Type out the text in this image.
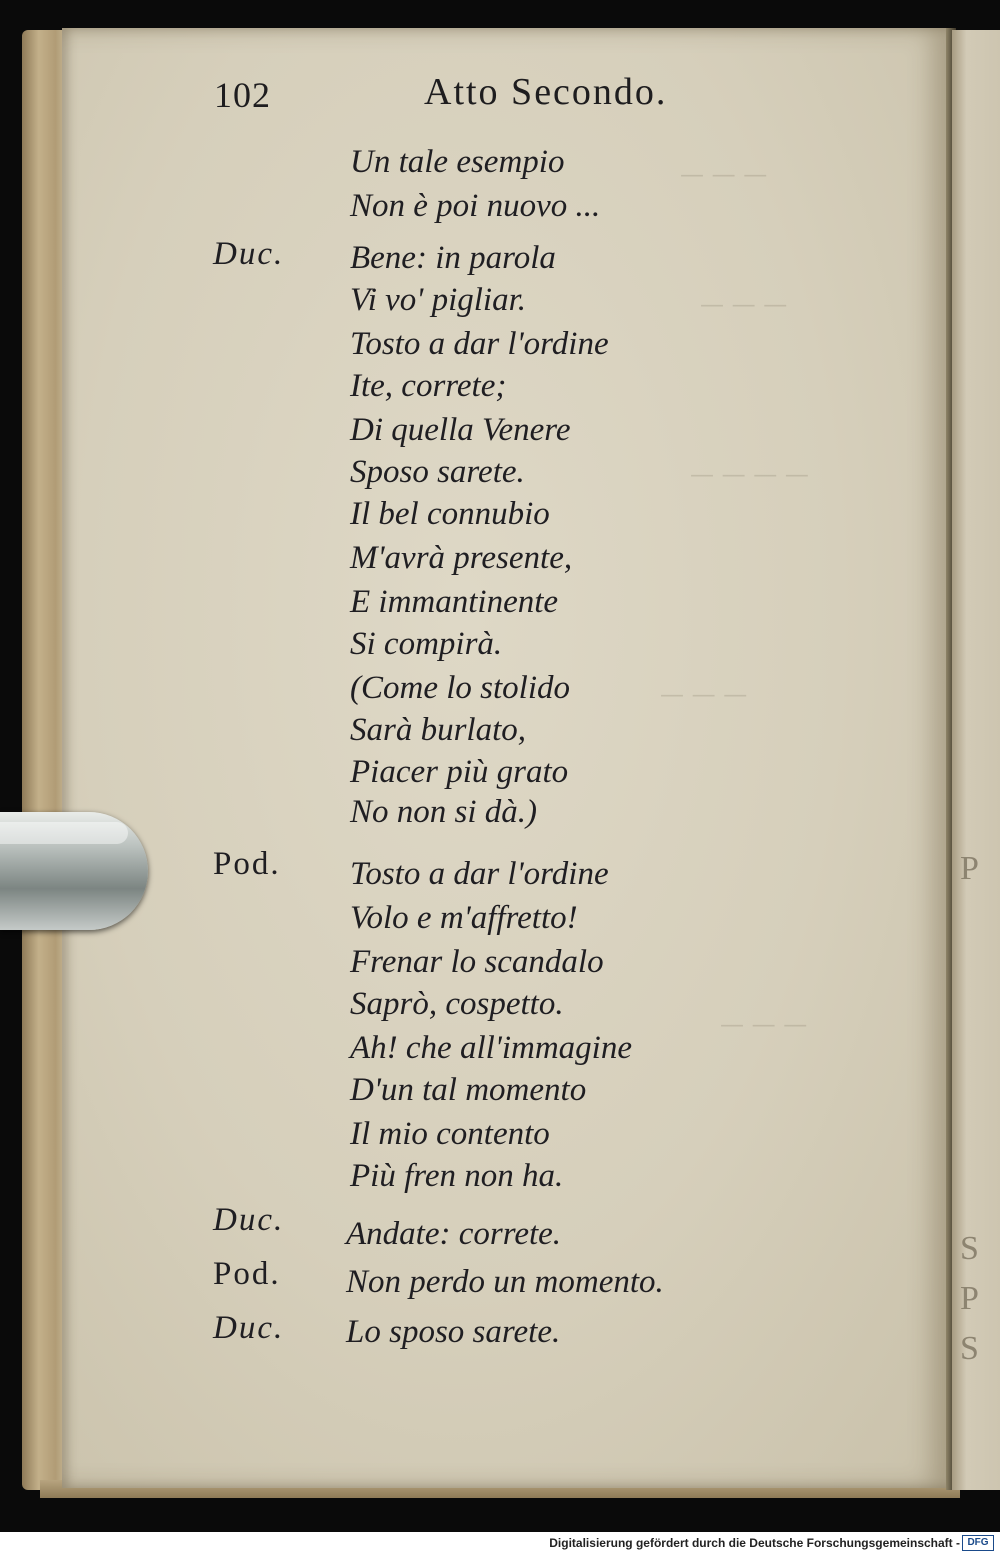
P
S
P
S
— — —
— — —
— — — —
— — —
— — —
102	Atto Secondo.
Duc.
Pod.
Duc.
Pod.
Duc.
Un tale esempio
Non è poi nuovo ...
Bene: in parola
Vi vo' pigliar.
Tosto a dar l'ordine
Ite, correte;
Di quella Venere
Sposo sarete.
Il bel connubio
M'avrà presente,
E immantinente
Si compirà.
(Come lo stolido
Sarà burlato,
Piacer più grato
No non si dà.)
Tosto a dar l'ordine
Volo e m'affretto!
Frenar lo scandalo
Saprò, cospetto.
Ah! che all'immagine
D'un tal momento
Il mio contento
Più fren non ha.
Andate: correte.
Non perdo un momento.
Lo sposo sarete.
Digitalisierung gefördert durch die Deutsche Forschungsgemeinschaft - DFG
